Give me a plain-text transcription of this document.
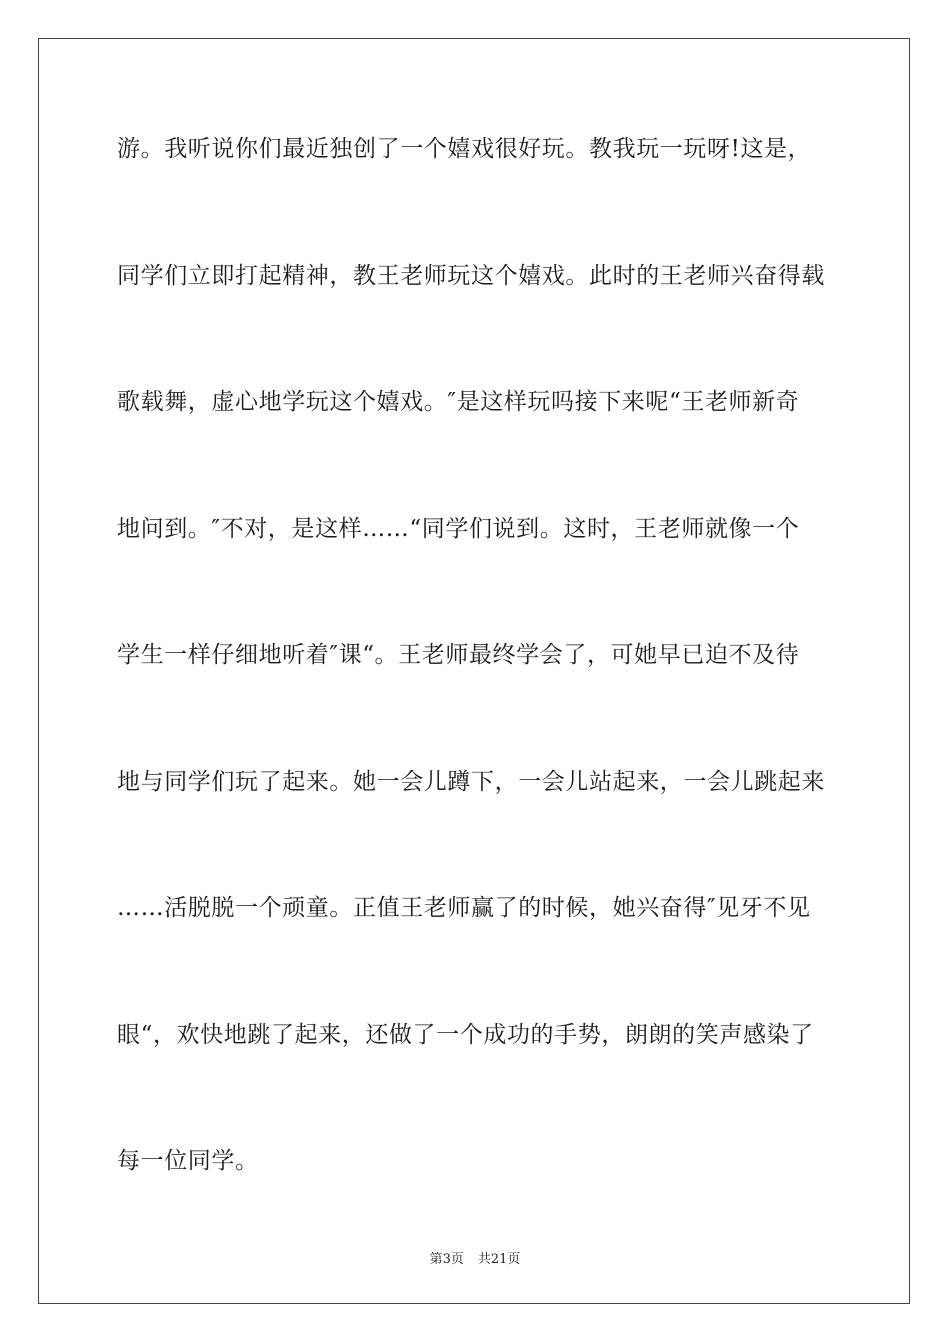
游。我听说你们最近独创了一个嬉戏很好玩。教我玩一玩呀!这是，
同学们立即打起精神，教王老师玩这个嬉戏。此时的王老师兴奋得载
歌载舞，虚心地学玩这个嬉戏。″是这样玩吗接下来呢“王老师新奇
地问到。″不对，是这样……“同学们说到。这时，王老师就像一个
学生一样仔细地听着″课“。王老师最终学会了，可她早已迫不及待
地与同学们玩了起来。她一会儿蹲下，一会儿站起来，一会儿跳起来
……活脱脱一个顽童。正值王老师赢了的时候，她兴奋得″见牙不见
眼“，欢快地跳了起来，还做了一个成功的手势，朗朗的笑声感染了
每一位同学。
第3页 共21页
